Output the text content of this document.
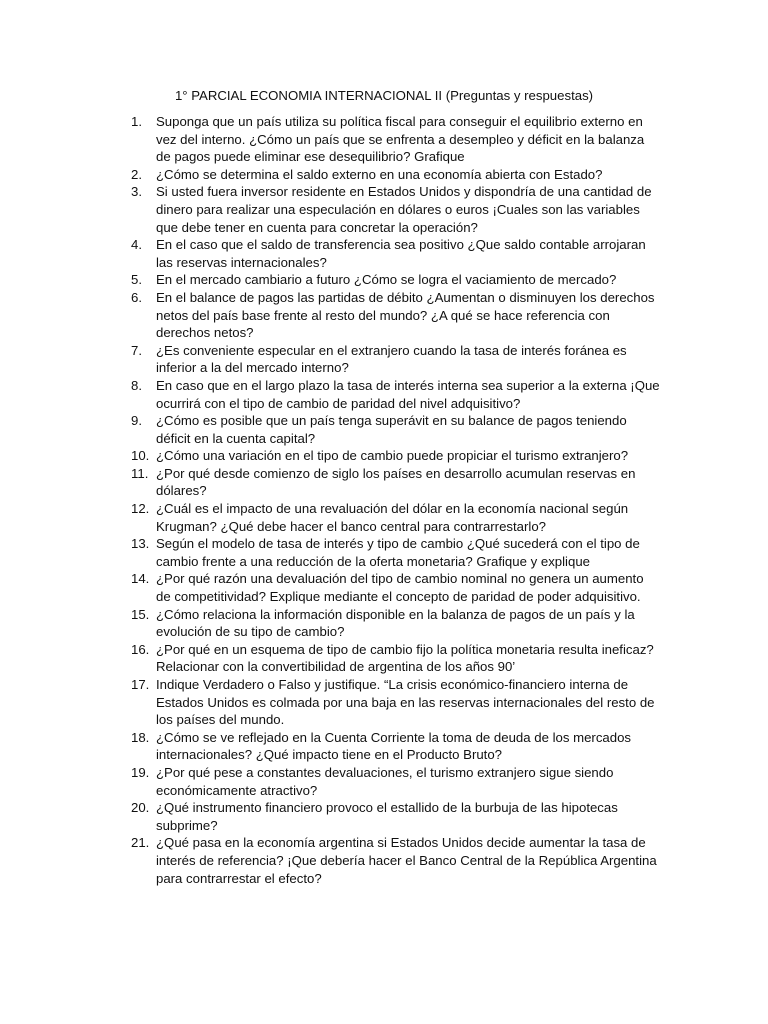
1° PARCIAL ECONOMIA INTERNACIONAL II (Preguntas y respuestas)
1.	Suponga que un país utiliza su política fiscal para conseguir el equilibrio externo en vez del interno. ¿Cómo un país que se enfrenta a desempleo y déficit en la balanza de pagos puede eliminar ese desequilibrio? Grafique
2.	¿Cómo se determina el saldo externo en una economía abierta con Estado?
3.	Si usted fuera inversor residente en Estados Unidos y dispondría de una cantidad de dinero para realizar una especulación en dólares o euros ¡Cuales son las variables que debe tener en cuenta para concretar la operación?
4.	En el caso que el saldo de transferencia sea positivo ¿Que saldo contable arrojaran las reservas internacionales?
5.	En el mercado cambiario a futuro ¿Cómo se logra el vaciamiento de mercado?
6.	En el balance de pagos las partidas de débito ¿Aumentan o disminuyen los derechos netos del país base frente al resto del mundo? ¿A qué se hace referencia con derechos netos?
7.	¿Es conveniente especular en el extranjero cuando la tasa de interés foránea es inferior a la del mercado interno?
8.	En caso que en el largo plazo la tasa de interés interna sea superior a la externa ¡Que ocurrirá con el tipo de cambio de paridad del nivel adquisitivo?
9.	¿Cómo es posible que un país tenga superávit en su balance de pagos teniendo déficit en la cuenta capital?
10. ¿Cómo una variación en el tipo de cambio puede propiciar el turismo extranjero?
11. ¿Por qué desde comienzo de siglo los países en desarrollo acumulan reservas en dólares?
12. ¿Cuál es el impacto de una revaluación del dólar en la economía nacional según Krugman? ¿Qué debe hacer el banco central para contrarrestarlo?
13. Según el modelo de tasa de interés y tipo de cambio ¿Qué sucederá con el tipo de cambio frente a una reducción de la oferta monetaria? Grafique y explique
14. ¿Por qué razón una devaluación del tipo de cambio nominal no genera un aumento de competitividad? Explique mediante el concepto de paridad de poder adquisitivo.
15. ¿Cómo relaciona la información disponible en la balanza de pagos de un país y la evolución de su tipo de cambio?
16. ¿Por qué en un esquema de tipo de cambio fijo la política monetaria resulta ineficaz? Relacionar con la convertibilidad de argentina de los años 90’
17. Indique Verdadero o Falso y justifique. “La crisis económico-financiero interna de Estados Unidos es colmada por una baja en las reservas internacionales del resto de los países del mundo.
18. ¿Cómo se ve reflejado en la Cuenta Corriente la toma de deuda de los mercados internacionales? ¿Qué impacto tiene en el Producto Bruto?
19. ¿Por qué pese a constantes devaluaciones, el turismo extranjero sigue siendo económicamente atractivo?
20. ¿Qué instrumento financiero provoco el estallido de la burbuja de las hipotecas subprime?
21. ¿Qué pasa en la economía argentina si Estados Unidos decide aumentar la tasa de interés de referencia? ¡Que debería hacer el Banco Central de la República Argentina para contrarrestar el efecto?
